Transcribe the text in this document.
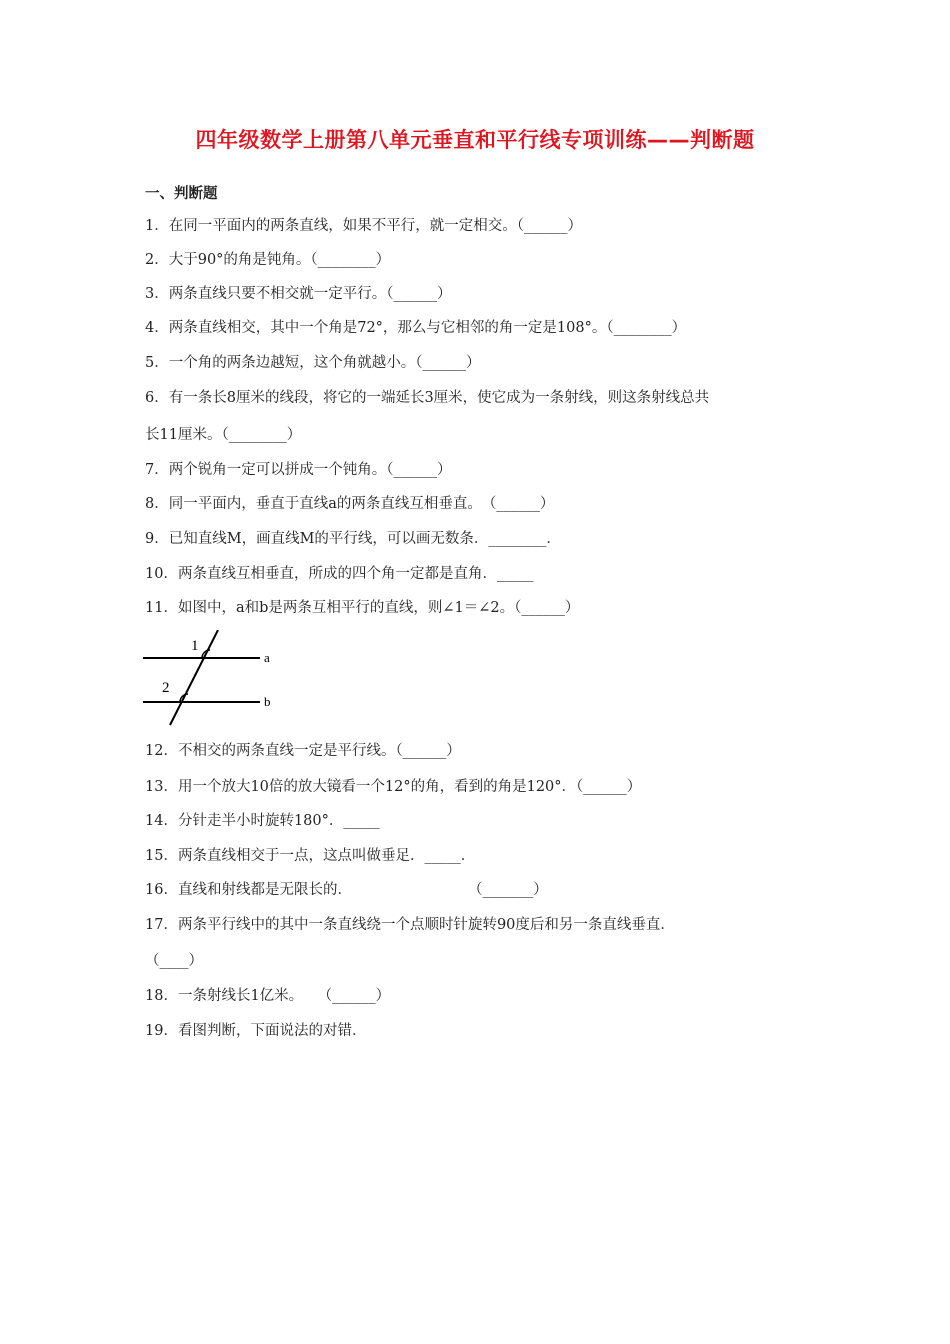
四年级数学上册第八单元垂直和平行线专项训练——判断题
一、判断题
1．在同一平面内的两条直线，如果不平行，就一定相交。（______）
2．大于90°的角是钝角。（________）
3．两条直线只要不相交就一定平行。（______）
4．两条直线相交，其中一个角是72°，那么与它相邻的角一定是108°。（________）
5．一个角的两条边越短，这个角就越小。（______）
6．有一条长8厘米的线段，将它的一端延长3厘米，使它成为一条射线，则这条射线总共
长11厘米。（________）
7．两个锐角一定可以拼成一个钝角。（______）
8．同一平面内，垂直于直线a的两条直线互相垂直。　（______）
9．已知直线M，画直线M的平行线，可以画无数条．________．
10．两条直线互相垂直，所成的四个角一定都是直角．_____
11．如图中，a和b是两条互相平行的直线，则∠1＝∠2。（______）
1
2
a
b
12．不相交的两条直线一定是平行线。（______）
13．用一个放大10倍的放大镜看一个12°的角，看到的角是120°．（______）
14．分针走半小时旋转180°．_____
15．两条直线相交于一点，这点叫做垂足．_____．
16．直线和射线都是无限长的．　　　　　　　　　（_______）
17．两条平行线中的其中一条直线绕一个点顺时针旋转90度后和另一条直线垂直．
（____）
18．一条射线长1亿米。　　（______）
19．看图判断，下面说法的对错．
